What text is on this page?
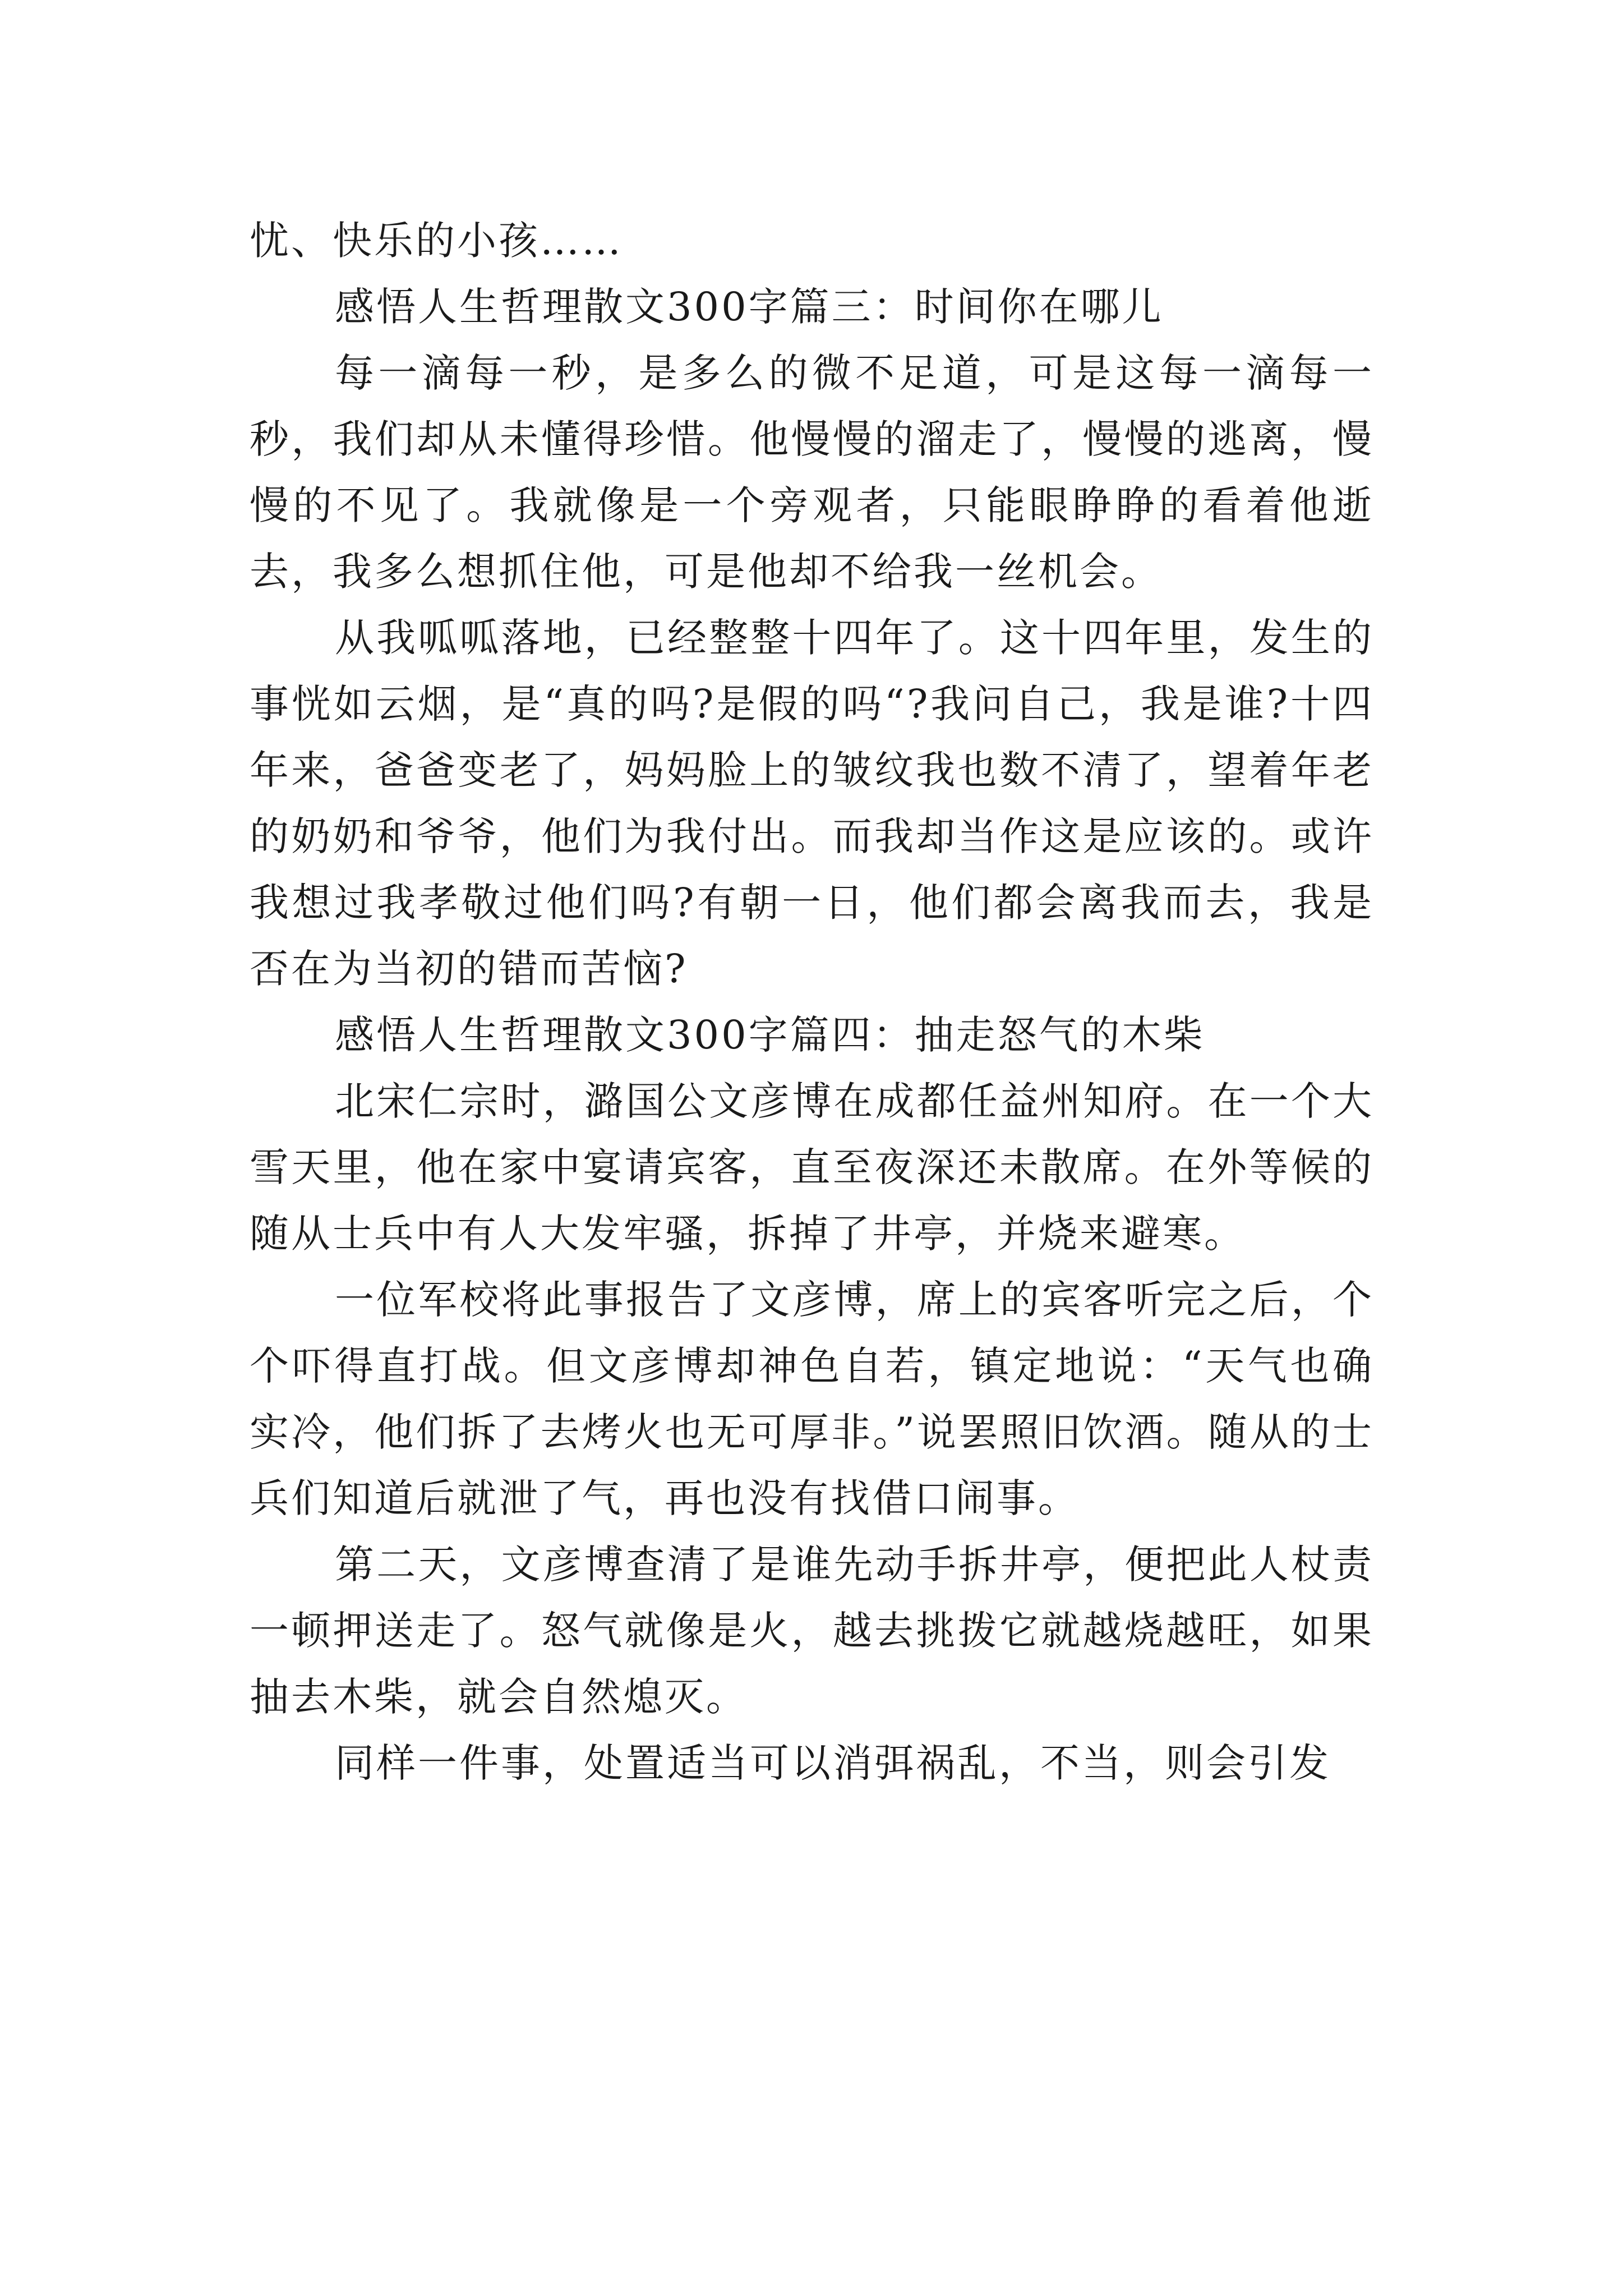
忧、快乐的小孩……

感悟人生哲理散文300字篇三：时间你在哪儿

每一滴每一秒，是多么的微不足道，可是这每一滴每一秒，我们却从未懂得珍惜。他慢慢的溜走了，慢慢的逃离，慢慢的不见了。我就像是一个旁观者，只能眼睁睁的看着他逝去，我多么想抓住他，可是他却不给我一丝机会。

从我呱呱落地，已经整整十四年了。这十四年里，发生的事恍如云烟，是“真的吗?是假的吗“?我问自己，我是谁?十四年来，爸爸变老了，妈妈脸上的皱纹我也数不清了，望着年老的奶奶和爷爷，他们为我付出。而我却当作这是应该的。或许我想过我孝敬过他们吗?有朝一日，他们都会离我而去，我是否在为当初的错而苦恼?

感悟人生哲理散文300字篇四：抽走怒气的木柴

北宋仁宗时，潞国公文彦博在成都任益州知府。在一个大雪天里，他在家中宴请宾客，直至夜深还未散席。在外等候的随从士兵中有人大发牢骚，拆掉了井亭，并烧来避寒。

一位军校将此事报告了文彦博，席上的宾客听完之后，个个吓得直打战。但文彦博却神色自若，镇定地说：“天气也确实冷，他们拆了去烤火也无可厚非。”说罢照旧饮酒。随从的士兵们知道后就泄了气，再也没有找借口闹事。

第二天，文彦博查清了是谁先动手拆井亭，便把此人杖责一顿押送走了。怒气就像是火，越去挑拨它就越烧越旺，如果抽去木柴，就会自然熄灭。

同样一件事，处置适当可以消弭祸乱，不当，则会引发
